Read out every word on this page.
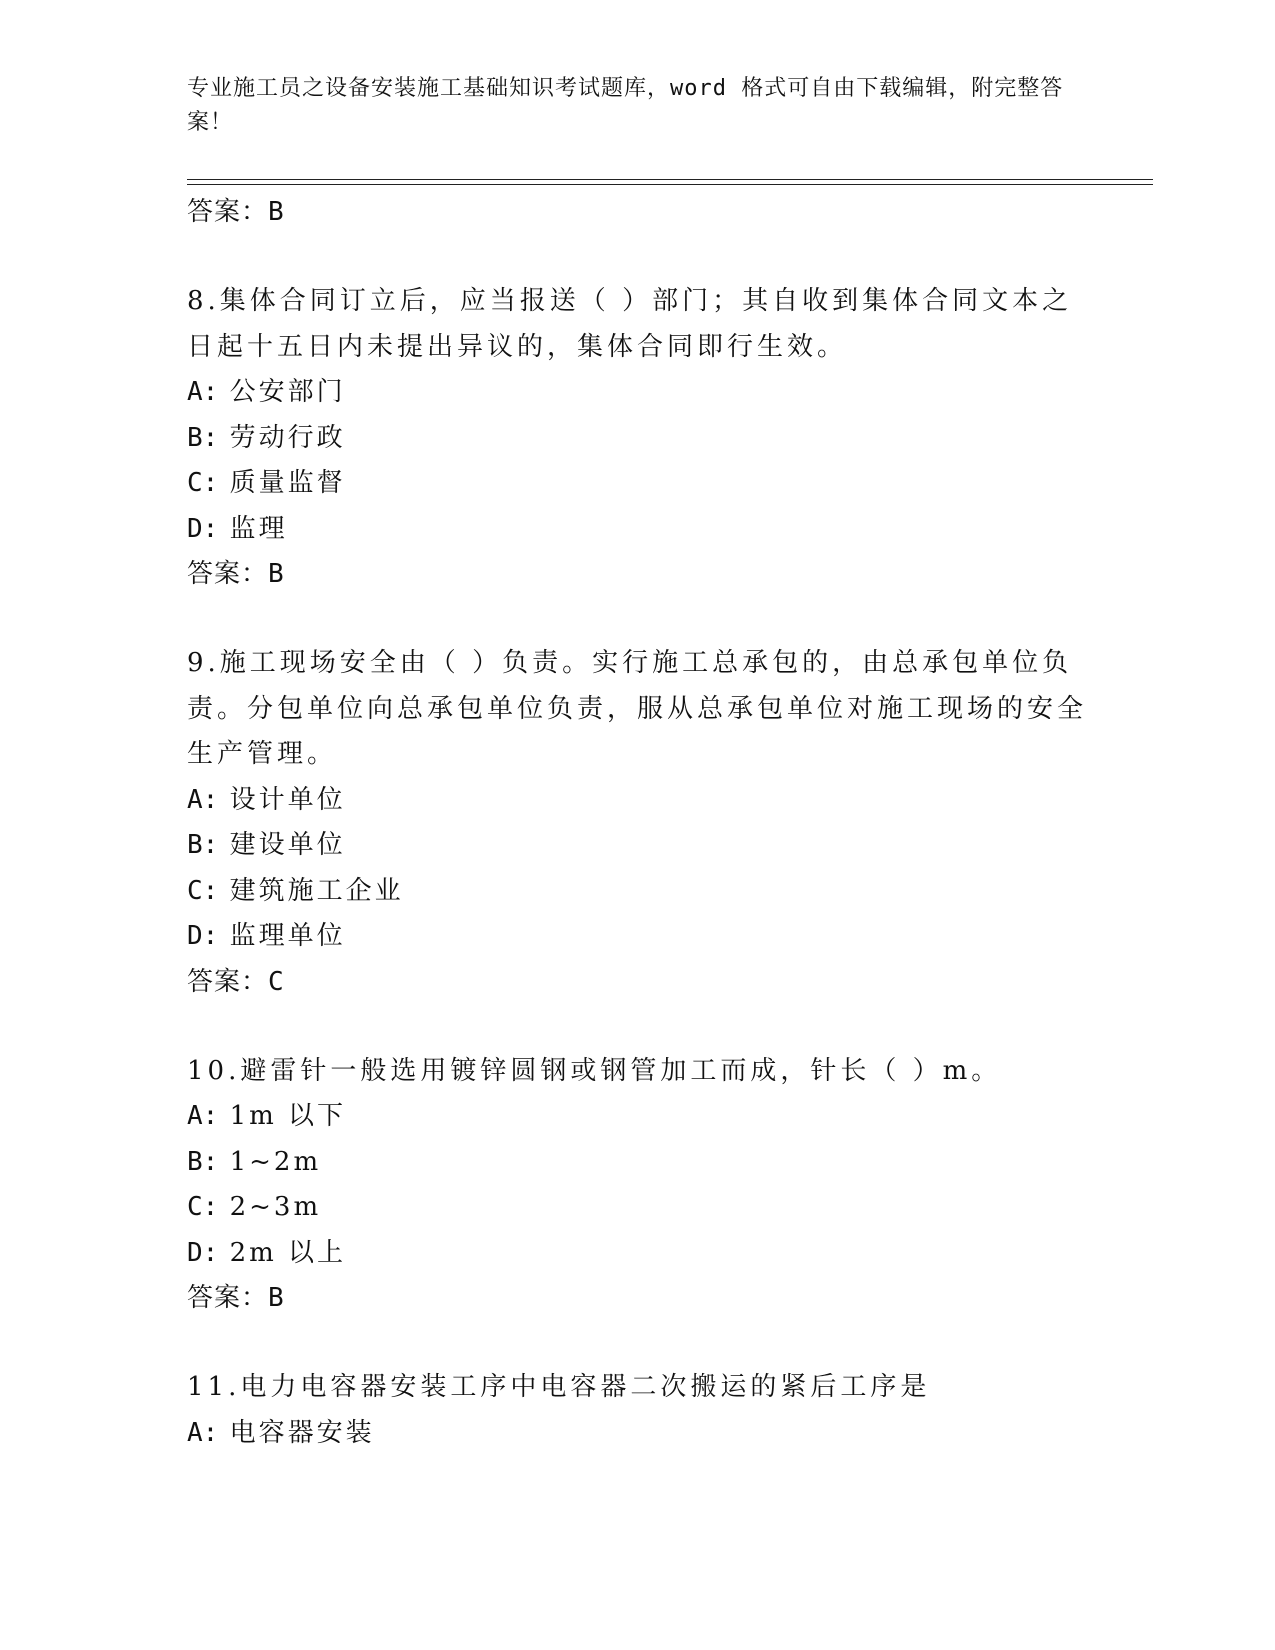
专业施工员之设备安装施工基础知识考试题库，word 格式可自由下载编辑，附完整答案！
答案：B
8.集体合同订立后，应当报送（ ）部门；其自收到集体合同文本之日起十五日内未提出异议的，集体合同即行生效。
A: 公安部门
B: 劳动行政
C: 质量监督
D: 监理
答案：B
9.施工现场安全由（ ）负责。实行施工总承包的，由总承包单位负责。分包单位向总承包单位负责，服从总承包单位对施工现场的安全生产管理。
A: 设计单位
B: 建设单位
C: 建筑施工企业
D: 监理单位
答案：C
10.避雷针一般选用镀锌圆钢或钢管加工而成，针长（ ）m。
A: 1m 以下
B: 1~2m
C: 2~3m
D: 2m 以上
答案：B
11.电力电容器安装工序中电容器二次搬运的紧后工序是
A: 电容器安装
